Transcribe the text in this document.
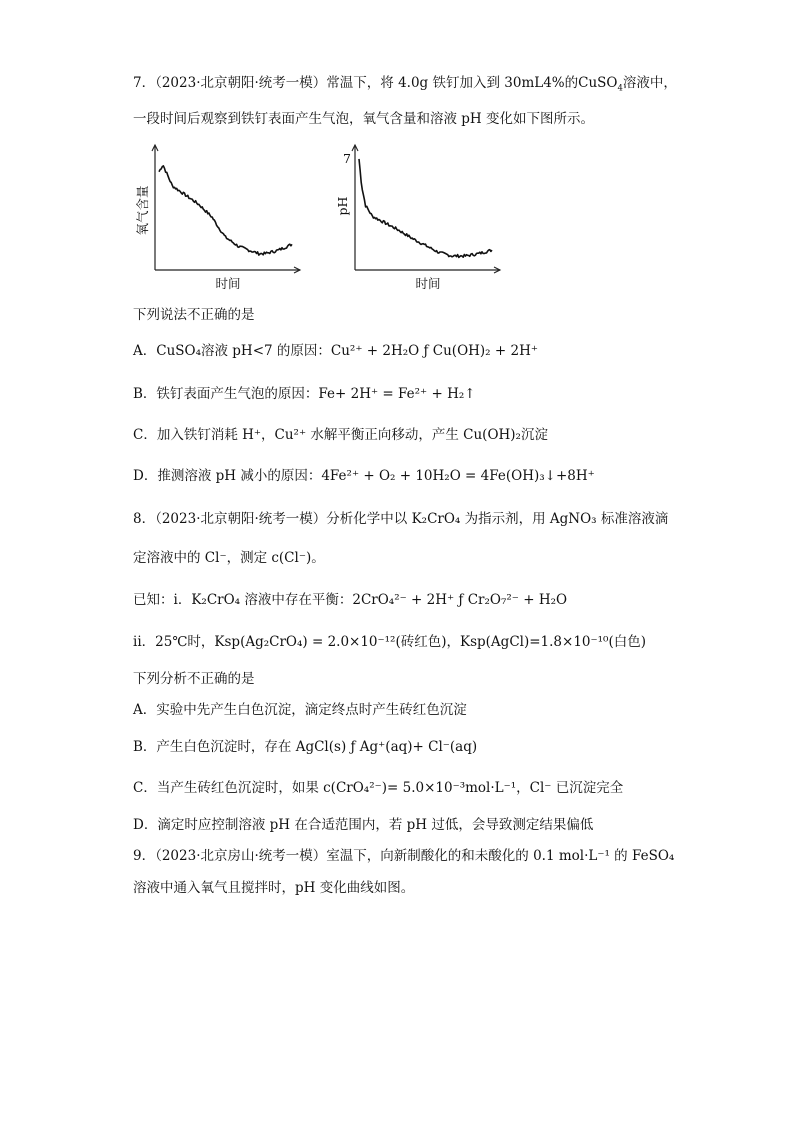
7．（2023·北京朝阳·统考一模）常温下，将 4.0g 铁钉加入到 30mL4%的CuSO$_4$溶液中，
一段时间后观察到铁钉表面产生气泡，氧气含量和溶液 pH 变化如下图所示。
氧气含量
时间
7
pH
时间
下列说法不正确的是
A．CuSO₄溶液 pH<7 的原因：Cu²⁺ + 2H₂O ƒ Cu(OH)₂ + 2H⁺
B．铁钉表面产生气泡的原因：Fe+ 2H⁺ = Fe²⁺ + H₂↑
C．加入铁钉消耗 H⁺，Cu²⁺ 水解平衡正向移动，产生 Cu(OH)₂沉淀
D．推测溶液 pH 减小的原因：4Fe²⁺ + O₂ + 10H₂O = 4Fe(OH)₃↓+8H⁺
8．（2023·北京朝阳·统考一模）分析化学中以 K₂CrO₄ 为指示剂，用 AgNO₃ 标准溶液滴
定溶液中的 Cl⁻，测定 c(Cl⁻)。
已知：i．K₂CrO₄ 溶液中存在平衡：2CrO₄²⁻ + 2H⁺ ƒ Cr₂O₇²⁻ + H₂O
ii．25℃时，Ksp(Ag₂CrO₄) = 2.0×10⁻¹²(砖红色)，Ksp(AgCl)=1.8×10⁻¹⁰(白色)
下列分析不正确的是
A．实验中先产生白色沉淀，滴定终点时产生砖红色沉淀
B．产生白色沉淀时，存在 AgCl(s) ƒ Ag⁺(aq)+ Cl⁻(aq)
C．当产生砖红色沉淀时，如果 c(CrO₄²⁻)= 5.0×10⁻³mol·L⁻¹，Cl⁻ 已沉淀完全
D．滴定时应控制溶液 pH 在合适范围内，若 pH 过低，会导致测定结果偏低
9．（2023·北京房山·统考一模）室温下，向新制酸化的和未酸化的 0.1 mol·L⁻¹ 的 FeSO₄
溶液中通入氧气且搅拌时，pH 变化曲线如图。
